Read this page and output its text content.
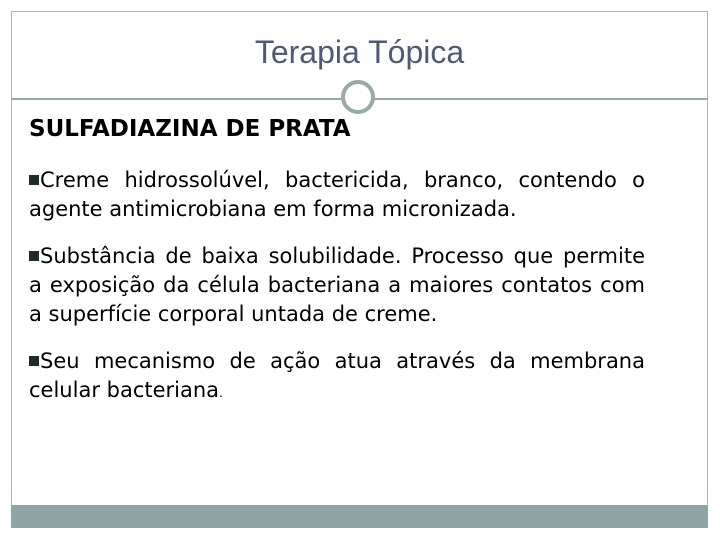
Terapia Tópica
SULFADIAZINA DE PRATA

Creme hidrossolúvel, bactericida, branco, contendo o agente antimicrobiana em forma micronizada.

Substância de baixa solubilidade. Processo que permite a exposição da célula bacteriana a maiores contatos com a superfície corporal untada de creme.

Seu mecanismo de ação atua através da membrana celular bacteriana.
